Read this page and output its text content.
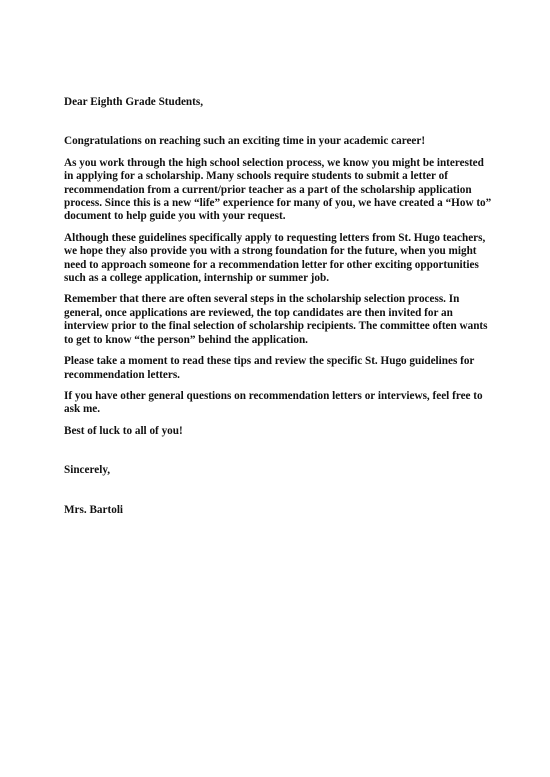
Dear Eighth Grade Students,

Congratulations on reaching such an exciting time in your academic career!

As you work through the high school selection process, we know you might be interested in applying for a scholarship. Many schools require students to submit a letter of recommendation from a current/prior teacher as a part of the scholarship application process. Since this is a new “life” experience for many of you, we have created a “How to” document to help guide you with your request.

Although these guidelines specifically apply to requesting letters from St. Hugo teachers, we hope they also provide you with a strong foundation for the future, when you might need to approach someone for a recommendation letter for other exciting opportunities such as a college application, internship or summer job.

Remember that there are often several steps in the scholarship selection process. In general, once applications are reviewed, the top candidates are then invited for an interview prior to the final selection of scholarship recipients. The committee often wants to get to know “the person” behind the application.

Please take a moment to read these tips and review the specific St. Hugo guidelines for recommendation letters.

If you have other general questions on recommendation letters or interviews, feel free to ask me.

Best of luck to all of you!

Sincerely,

Mrs. Bartoli
